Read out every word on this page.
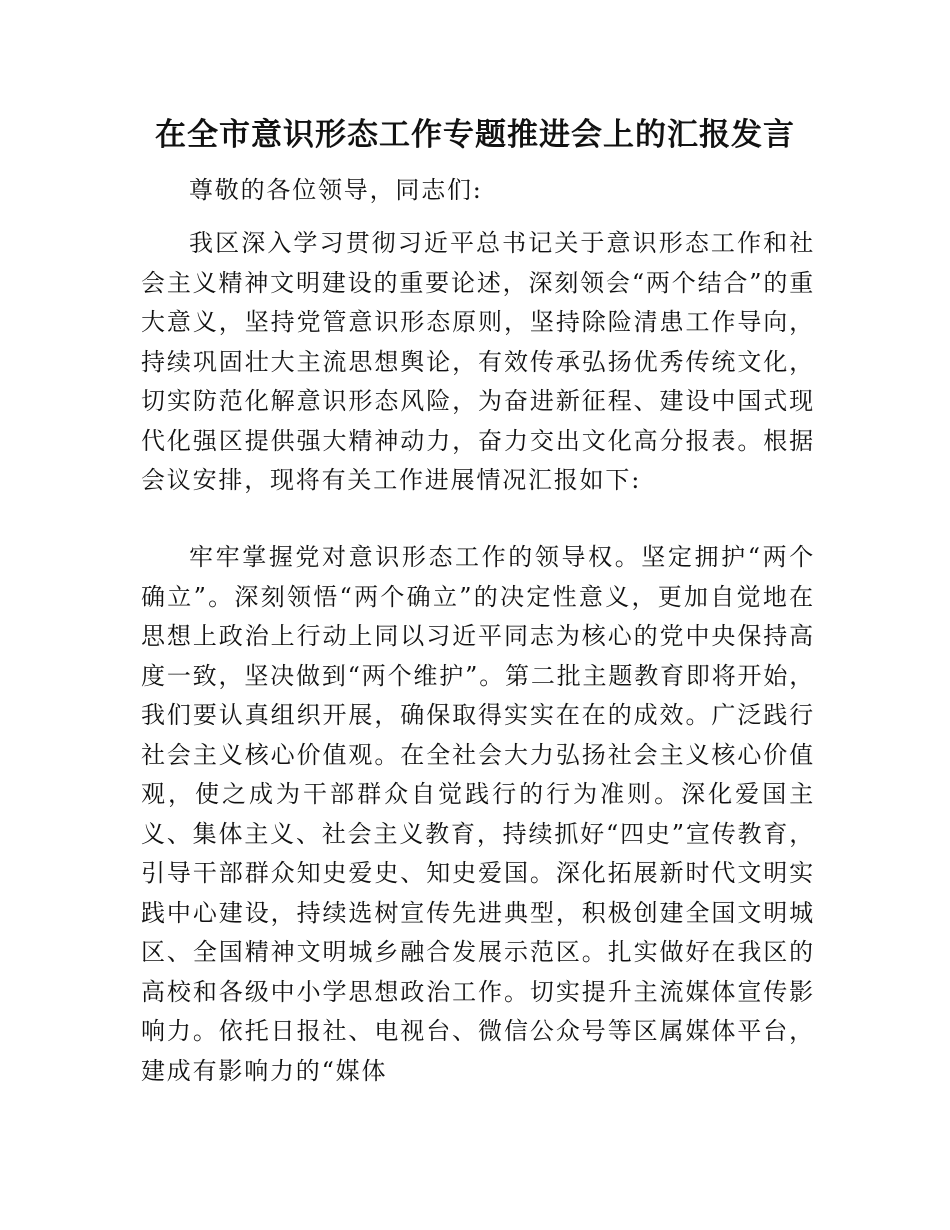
在全市意识形态工作专题推进会上的汇报发言

尊敬的各位领导，同志们:

我区深入学习贯彻习近平总书记关于意识形态工作和社会主义精神文明建设的重要论述，深刻领会“两个结合”的重大意义，坚持党管意识形态原则，坚持除险清患工作导向，持续巩固壮大主流思想舆论，有效传承弘扬优秀传统文化，切实防范化解意识形态风险，为奋进新征程、建设中国式现代化强区提供强大精神动力，奋力交出文化高分报表。根据会议安排，现将有关工作进展情况汇报如下:

牢牢掌握党对意识形态工作的领导权。坚定拥护“两个确立”。深刻领悟“两个确立”的决定性意义，更加自觉地在思想上政治上行动上同以习近平同志为核心的党中央保持高度一致，坚决做到“两个维护”。第二批主题教育即将开始，我们要认真组织开展，确保取得实实在在的成效。广泛践行社会主义核心价值观。在全社会大力弘扬社会主义核心价值观，使之成为干部群众自觉践行的行为准则。深化爱国主义、集体主义、社会主义教育，持续抓好“四史”宣传教育，引导干部群众知史爱史、知史爱国。深化拓展新时代文明实践中心建设，持续选树宣传先进典型，积极创建全国文明城区、全国精神文明城乡融合发展示范区。扎实做好在我区的高校和各级中小学思想政治工作。切实提升主流媒体宣传影响力。依托日报社、电视台、微信公众号等区属媒体平台，建成有影响力的“媒体
